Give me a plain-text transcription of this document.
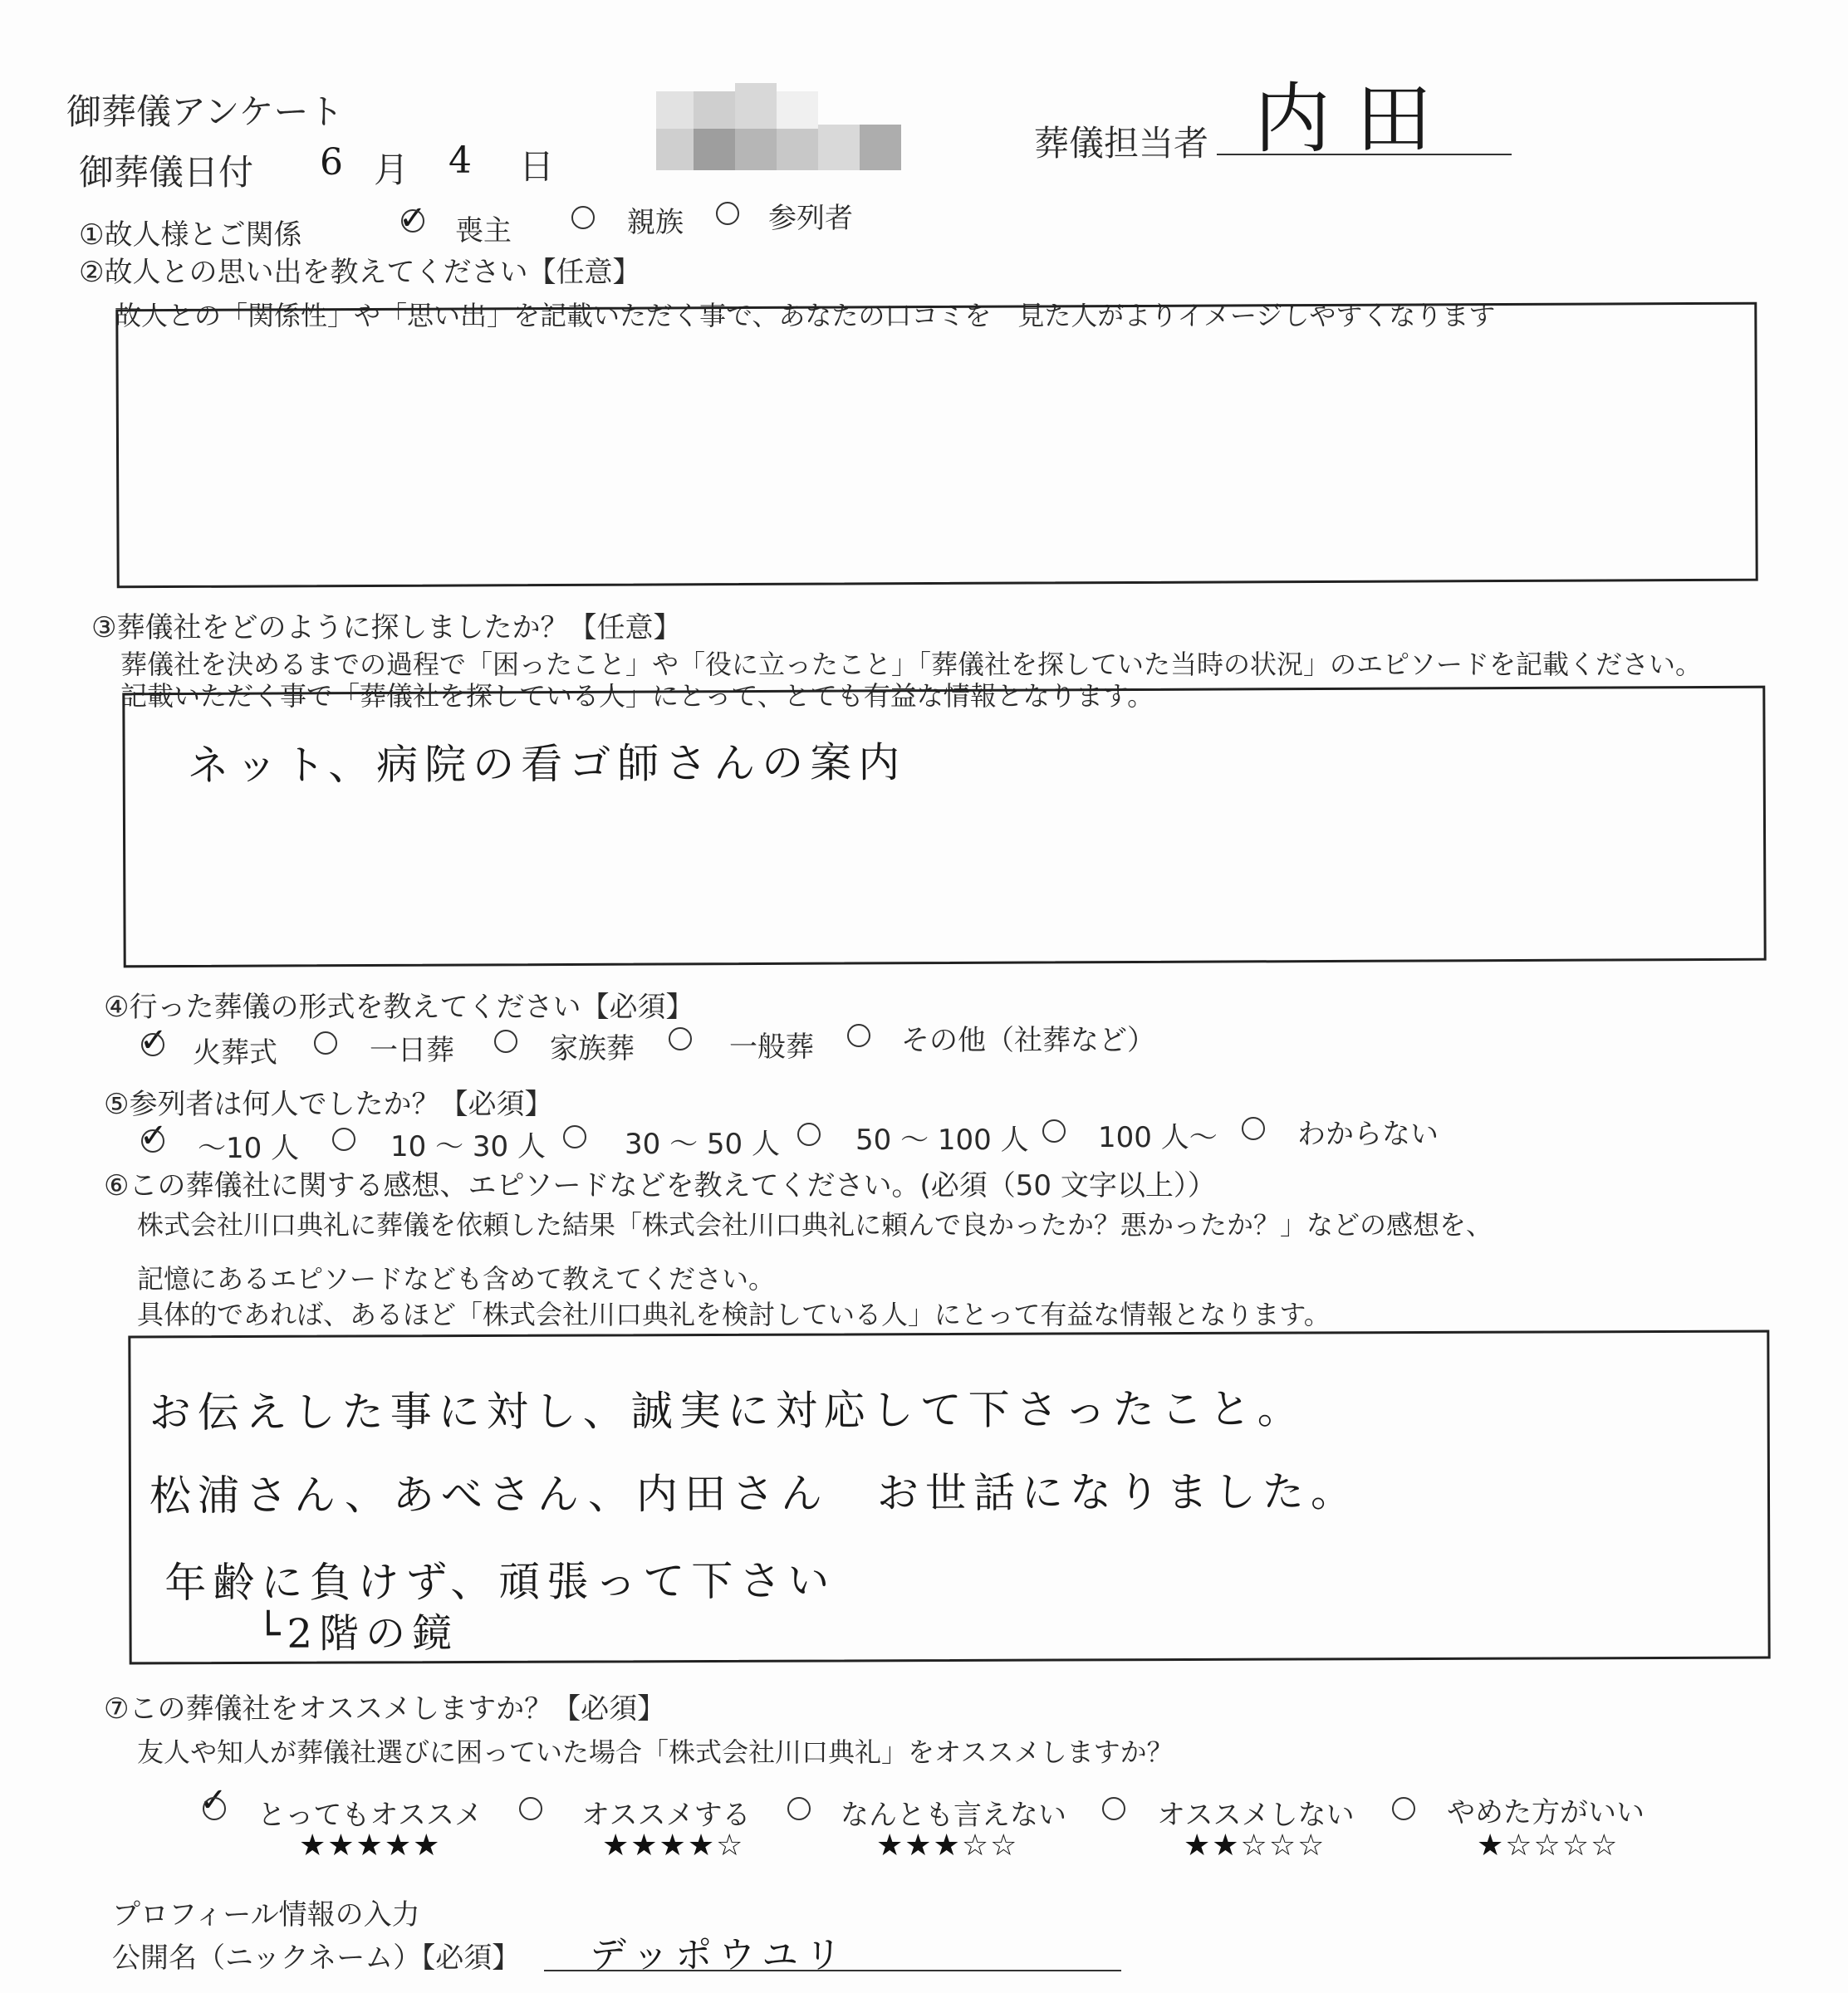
御葬儀アンケート
御葬儀日付 6 月 4 日
葬儀担当者 内田
①故人様とご関係	✓ 喪主	親族	参列者
②故人との思い出を教えてください【任意】
故人との「関係性」や「思い出」を記載いただく事で、あなたの口コミを　見た人がよりイメージしやすくなります
③葬儀社をどのように探しましたか？【任意】
葬儀社を決めるまでの過程で「困ったこと」や「役に立ったこと」「葬儀社を探していた当時の状況」のエピソードを記載ください。
記載いただく事で「葬儀社を探している人」にとって、とても有益な情報となります。
ネット、病院の看ゴ師さんの案内
④行った葬儀の形式を教えてください【必須】
✓ 火葬式	一日葬	家族葬	一般葬	その他（社葬など）
⑤参列者は何人でしたか？【必須】
✓ ～10 人	10 ～ 30 人	30 ～ 50 人	50 ～ 100 人 100 人～	わからない
⑥この葬儀社に関する感想、エピソードなどを教えてください。(必須（50 文字以上））
株式会社川口典礼に葬儀を依頼した結果「株式会社川口典礼に頼んで良かったか？悪かったか？」などの感想を、
記憶にあるエピソードなども含めて教えてください。
具体的であれば、あるほど「株式会社川口典礼を検討している人」にとって有益な情報となります。
お伝えした事に対し、誠実に対応して下さったこと。
松浦さん、あべさん、内田さん　お世話になりました。
年齢に負けず、頑張って下さい
└2階の鏡
⑦この葬儀社をオススメしますか？【必須】
友人や知人が葬儀社選びに困っていた場合「株式会社川口典礼」をオススメしますか？
✓ とってもオススメ
★★★★★
オススメする
★★★★☆
なんとも言えない
★★★☆☆
オススメしない
★★☆☆☆
やめた方がいい
★☆☆☆☆
プロフィール情報の入力
公開名（ニックネーム）【必須】 デッポウユリ
